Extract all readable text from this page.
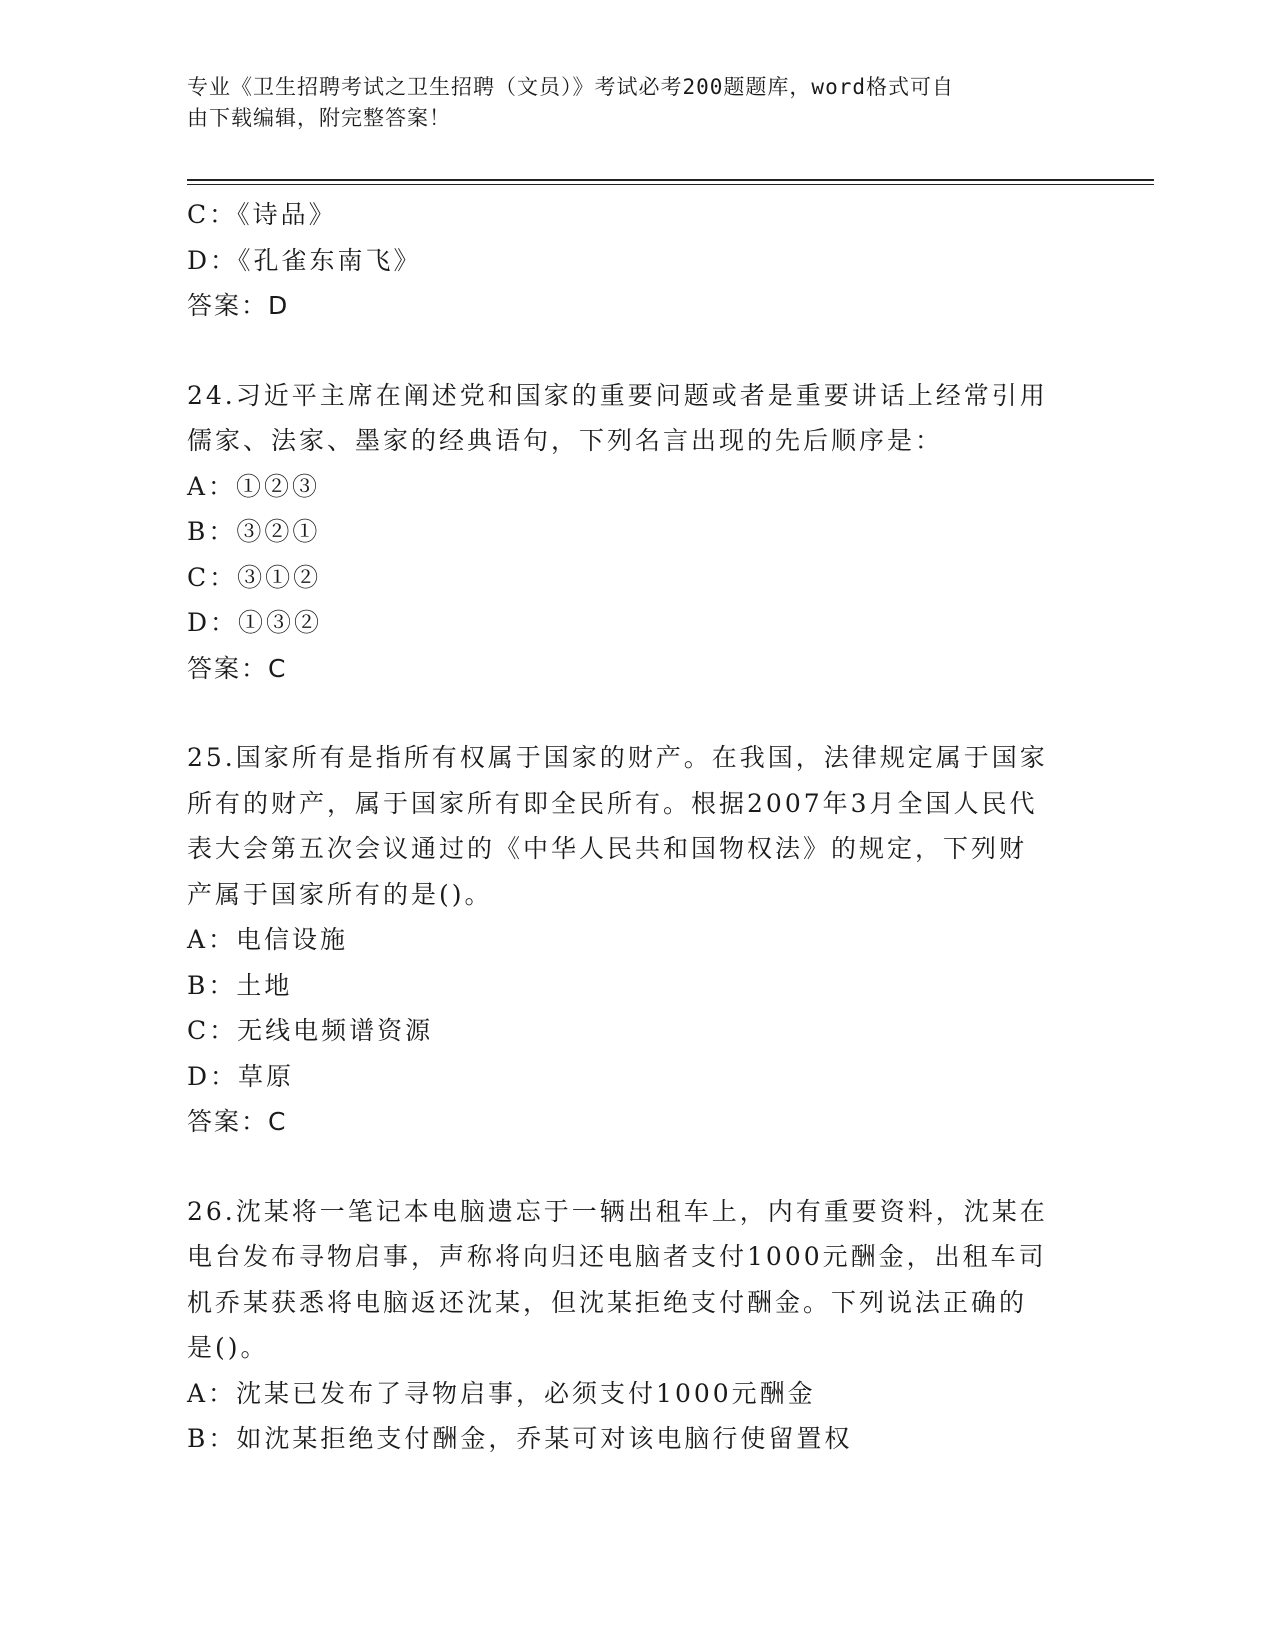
专业《卫生招聘考试之卫生招聘（文员）》考试必考200题题库，word格式可自
由下载编辑，附完整答案！
C：《诗品》
D：《孔雀东南飞》
答案：D
24.习近平主席在阐述党和国家的重要问题或者是重要讲话上经常引用
儒家、法家、墨家的经典语句，下列名言出现的先后顺序是：
A：①②③
B：③②①
C：③①②
D：①③②
答案：C
25.国家所有是指所有权属于国家的财产。在我国，法律规定属于国家
所有的财产，属于国家所有即全民所有。根据2007年3月全国人民代
表大会第五次会议通过的《中华人民共和国物权法》的规定，下列财
产属于国家所有的是()。
A：电信设施
B：土地
C：无线电频谱资源
D：草原
答案：C
26.沈某将一笔记本电脑遗忘于一辆出租车上，内有重要资料，沈某在
电台发布寻物启事，声称将向归还电脑者支付1000元酬金，出租车司
机乔某获悉将电脑返还沈某，但沈某拒绝支付酬金。下列说法正确的
是()。
A：沈某已发布了寻物启事，必须支付1000元酬金
B：如沈某拒绝支付酬金，乔某可对该电脑行使留置权
